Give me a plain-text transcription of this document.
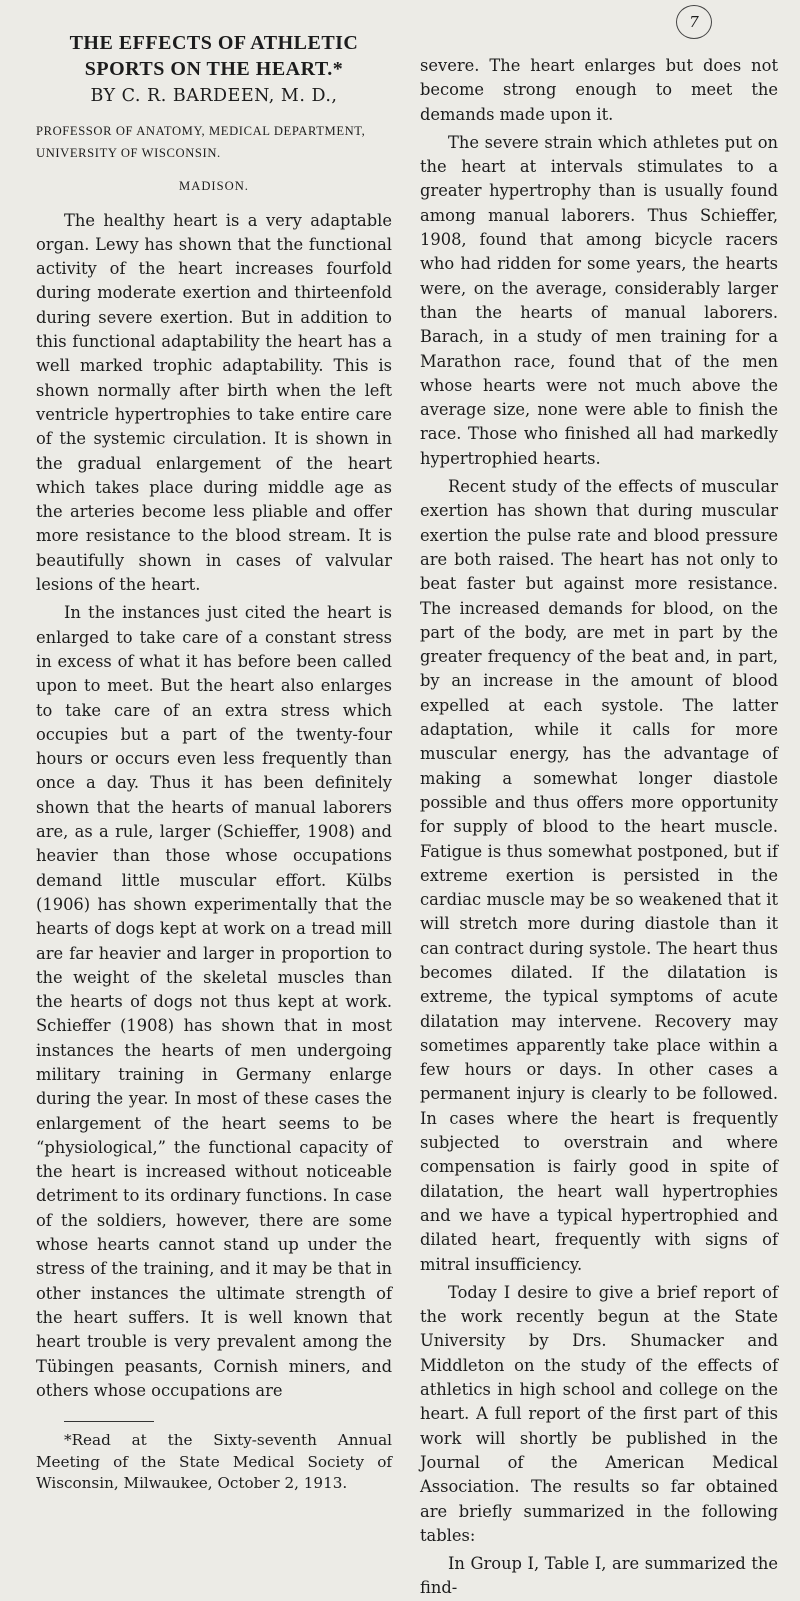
7
THE EFFECTS OF ATHLETIC SPORTS ON THE HEART.*
BY C. R. BARDEEN, M. D.,
PROFESSOR OF ANATOMY, MEDICAL DEPARTMENT, UNIVERSITY OF WISCONSIN.
MADISON.

The healthy heart is a very adaptable organ. Lewy has shown that the functional activity of the heart increases fourfold during moderate exertion and thirteenfold during severe exertion. But in addition to this functional adaptability the heart has a well marked trophic adaptability. This is shown normally after birth when the left ventricle hypertrophies to take entire care of the systemic circulation. It is shown in the gradual enlargement of the heart which takes place during middle age as the arteries become less pliable and offer more resistance to the blood stream. It is beautifully shown in cases of valvular lesions of the heart.

In the instances just cited the heart is enlarged to take care of a constant stress in excess of what it has before been called upon to meet. But the heart also enlarges to take care of an extra stress which occupies but a part of the twenty-four hours or occurs even less frequently than once a day. Thus it has been definitely shown that the hearts of manual laborers are, as a rule, larger (Schieffer, 1908) and heavier than those whose occupations demand little muscular effort. Külbs (1906) has shown experimentally that the hearts of dogs kept at work on a tread mill are far heavier and larger in proportion to the weight of the skeletal muscles than the hearts of dogs not thus kept at work. Schieffer (1908) has shown that in most instances the hearts of men undergoing military training in Germany enlarge during the year. In most of these cases the enlargement of the heart seems to be “physiological,” the functional capacity of the heart is increased without noticeable detriment to its ordinary functions. In case of the soldiers, however, there are some whose hearts cannot stand up under the stress of the training, and it may be that in other instances the ultimate strength of the heart suffers. It is well known that heart trouble is very prevalent among the Tübingen peasants, Cornish miners, and others whose occupations are

*Read at the Sixty-seventh Annual Meeting of the State Medical Society of Wisconsin, Milwaukee, October 2, 1913.

severe. The heart enlarges but does not become strong enough to meet the demands made upon it.

The severe strain which athletes put on the heart at intervals stimulates to a greater hypertrophy than is usually found among manual laborers. Thus Schieffer, 1908, found that among bicycle racers who had ridden for some years, the hearts were, on the average, considerably larger than the hearts of manual laborers. Barach, in a study of men training for a Marathon race, found that of the men whose hearts were not much above the average size, none were able to finish the race. Those who finished all had markedly hypertrophied hearts.

Recent study of the effects of muscular exertion has shown that during muscular exertion the pulse rate and blood pressure are both raised. The heart has not only to beat faster but against more resistance. The increased demands for blood, on the part of the body, are met in part by the greater frequency of the beat and, in part, by an increase in the amount of blood expelled at each systole. The latter adaptation, while it calls for more muscular energy, has the advantage of making a somewhat longer diastole possible and thus offers more opportunity for supply of blood to the heart muscle. Fatigue is thus somewhat postponed, but if extreme exertion is persisted in the cardiac muscle may be so weakened that it will stretch more during diastole than it can contract during systole. The heart thus becomes dilated. If the dilatation is extreme, the typical symptoms of acute dilatation may intervene. Recovery may sometimes apparently take place within a few hours or days. In other cases a permanent injury is clearly to be followed. In cases where the heart is frequently subjected to overstrain and where compensation is fairly good in spite of dilatation, the heart wall hypertrophies and we have a typical hypertrophied and dilated heart, frequently with signs of mitral insufficiency.

Today I desire to give a brief report of the work recently begun at the State University by Drs. Shumacker and Middleton on the study of the effects of athletics in high school and college on the heart. A full report of the first part of this work will shortly be published in the Journal of the American Medical Association. The results so far obtained are briefly summarized in the following tables:

In Group I, Table I, are summarized the find-
